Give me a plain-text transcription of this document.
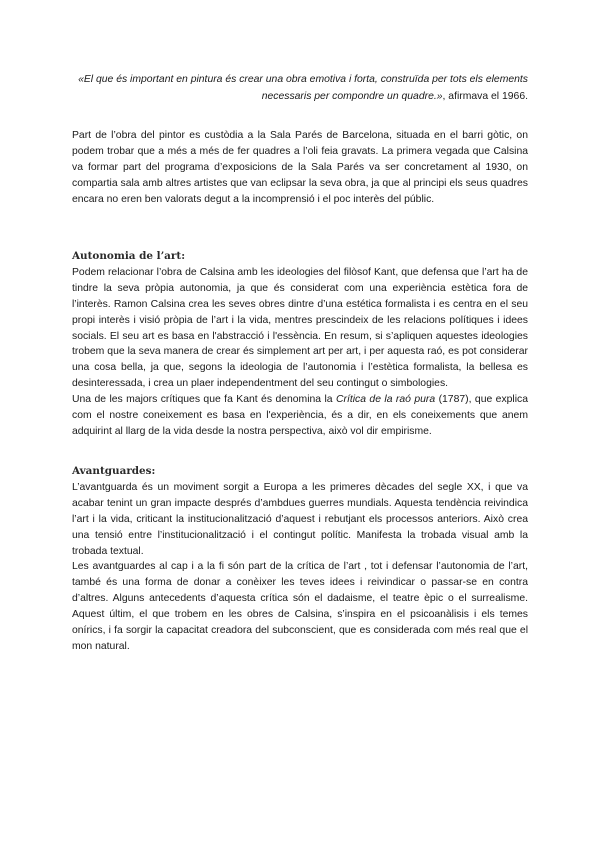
«El que és important en pintura és crear una obra emotiva i forta, construïda per tots els elements necessaris per compondre un quadre.», afirmava el 1966.

Part de l’obra del pintor es custòdia a la Sala Parés de Barcelona, situada en el barri gòtic, on podem trobar que a més a més de fer quadres a l’oli feia gravats. La primera vegada que Calsina va formar part del programa d’exposicions de la Sala Parés va ser concretament al 1930, on compartia sala amb altres artistes que van eclipsar la seva obra, ja que al principi els seus quadres encara no eren ben valorats degut a la incomprensió i el poc interès del públic.

Autonomia de l’art:

Podem relacionar l’obra de Calsina amb les ideologies del filòsof Kant, que defensa que l’art ha de tindre la seva pròpia autonomia, ja que és considerat com una experiència estètica fora de l’interès. Ramon Calsina crea les seves obres dintre d’una estética formalista i es centra en el seu propi interès i visió pròpia de l’art i la vida, mentres prescindeix de les relacions polítiques i idees socials. El seu art es basa en l'abstracció i l'essència. En resum, si s’apliquen aquestes ideologies trobem que la seva manera de crear és simplement art per art, i per aquesta raó, es pot considerar una cosa bella, ja que, segons la ideologia de l’autonomia i l’estètica formalista, la bellesa es desinteressada, i crea un plaer independentment del seu contingut o simbologies.

Una de les majors crítiques que fa Kant és denomina la Crítica de la raó pura (1787), que explica com el nostre coneixement es basa en l'experiència, és a dir, en els coneixements que anem adquirint al llarg de la vida desde la nostra perspectiva, això vol dir empirisme.

Avantguardes:

L’avantguarda és un moviment sorgit a Europa a les primeres dècades del segle XX, i que va acabar tenint un gran impacte després d’ambdues guerres mundials. Aquesta tendència reivindica l’art i la vida, criticant la institucionalització d’aquest i rebutjant els processos anteriors. Això crea una tensió entre l’institucionalització i el contingut polític. Manifesta la trobada visual amb la trobada textual.

Les avantguardes al cap i a la fi són part de la crítica de l’art , tot i defensar l’autonomia de l’art, també és una forma de donar a conèixer les teves idees i reivindicar o passar-se en contra d’altres. Alguns antecedents d’aquesta crítica són el dadaisme, el teatre èpic o el surrealisme. Aquest últim, el que trobem en les obres de Calsina, s’inspira en el psicoanàlisis i els temes onírics, i fa sorgir la capacitat creadora del subconscient, que es considerada com més real que el mon natural.
